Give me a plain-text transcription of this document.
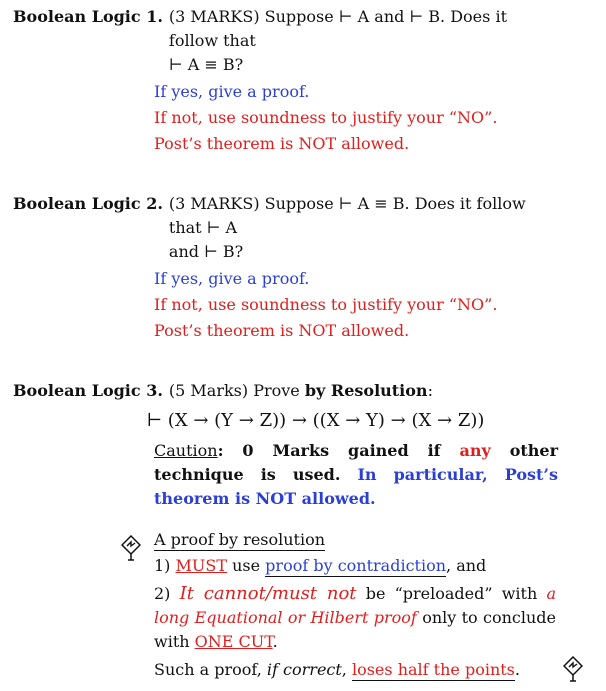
Boolean Logic 1. (3 MARKS) Suppose ⊢ A and ⊢ B. Does it follow that
⊢ A ≡ B?
If yes, give a proof.
If not, use soundness to justify your “NO”.
Post’s theorem is NOT allowed.
Boolean Logic 2. (3 MARKS) Suppose ⊢ A ≡ B. Does it follow that ⊢ A
and ⊢ B?
If yes, give a proof.
If not, use soundness to justify your “NO”.
Post’s theorem is NOT allowed.
Boolean Logic 3. (5 Marks) Prove by Resolution:
⊢ (X → (Y → Z)) → ((X → Y) → (X → Z))
Caution: 0 Marks gained if any other technique is used. In particular, Post’s theorem is NOT allowed.
A proof by resolution
1) MUST use proof by contradiction, and
2) It cannot/must not be “preloaded” with a long Equational or Hilbert proof only to conclude with ONE CUT.
Such a proof, if correct, loses half the points.
